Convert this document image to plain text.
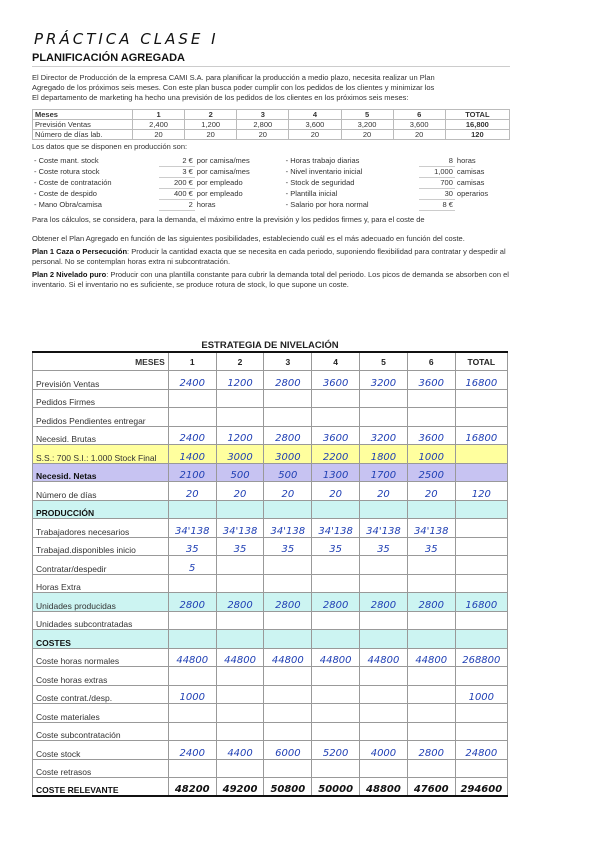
PRÁCTICA CLASE I
PLANIFICACIÓN AGREGADA

El Director de Producción de la empresa CAMI S.A. para planificar la producción a medio plazo, necesita realizar un Plan

Agregado de los próximos seis meses. Con este plan busca poder cumplir con los pedidos de los clientes y minimizar los

El departamento de marketing ha hecho una previsión de los pedidos de los clientes en los próximos seis meses:

Meses	1	2	3	4	5	6	TOTAL
Previsión Ventas	2,400	1,200	2,800	3,600	3,200	3,600	16,800
Número de días lab.	20	20	20	20	20	20	120

Los datos que se disponen en producción son:

- Coste mant. stock	2 €	por camisa/mes	- Horas trabajo diarias	8	horas
- Coste rotura stock	3 €	por camisa/mes	- Nivel inventario inicial	1,000	camisas
- Coste de contratación	200 €	por empleado	- Stock de seguridad	700	camisas
- Coste de despido	400 €	por empleado	- Plantilla inicial	30	operarios
- Mano Obra/camisa	2	horas	- Salario por hora normal	8 €	

Para los cálculos, se considera, para la demanda, el máximo entre la previsión y los pedidos firmes y, para el coste de

Obtener el Plan Agregado en función de las siguientes posibilidades, estableciendo cuál es el más adecuado en función del coste.

Plan 1 Caza o Persecución: Producir la cantidad exacta que se necesita en cada periodo, suponiendo flexibilidad para contratar y despedir al personal. No se contemplan horas extra ni subcontratación.

Plan 2 Nivelado puro: Producir con una plantilla constante para cubrir la demanda total del periodo. Los picos de demanda se absorben con el inventario. Si el inventario no es suficiente, se produce rotura de stock, lo que supone un coste.

ESTRATEGIA DE NIVELACIÓN							
MESES	1	2	3	4	5	6	TOTAL
Previsión Ventas	2400	1200	2800	3600	3200	3600	16800
Pedidos Firmes							
Pedidos Pendientes entregar							
Necesid. Brutas	2400	1200	2800	3600	3200	3600	16800
S.S.: 700 S.I.: 1.000 Stock Final	1400	3000	3000	2200	1800	1000	
Necesid. Netas	2100	500	500	1300	1700	2500	
Número de días	20	20	20	20	20	20	120
PRODUCCIÓN							
Trabajadores necesarios	34'138	34'138	34'138	34'138	34'138	34'138	
Trabajad.disponibles inicio	35	35	35	35	35	35	
Contratar/despedir	5						
Horas Extra							
Unidades producidas	2800	2800	2800	2800	2800	2800	16800
Unidades subcontratadas							
COSTES							
Coste horas normales	44800	44800	44800	44800	44800	44800	268800
Coste horas extras							
Coste contrat./desp.	1000						1000
Coste materiales							
Coste subcontratación							
Coste stock	2400	4400	6000	5200	4000	2800	24800
Coste retrasos							
COSTE RELEVANTE	48200	49200	50800	50000	48800	47600	294600
